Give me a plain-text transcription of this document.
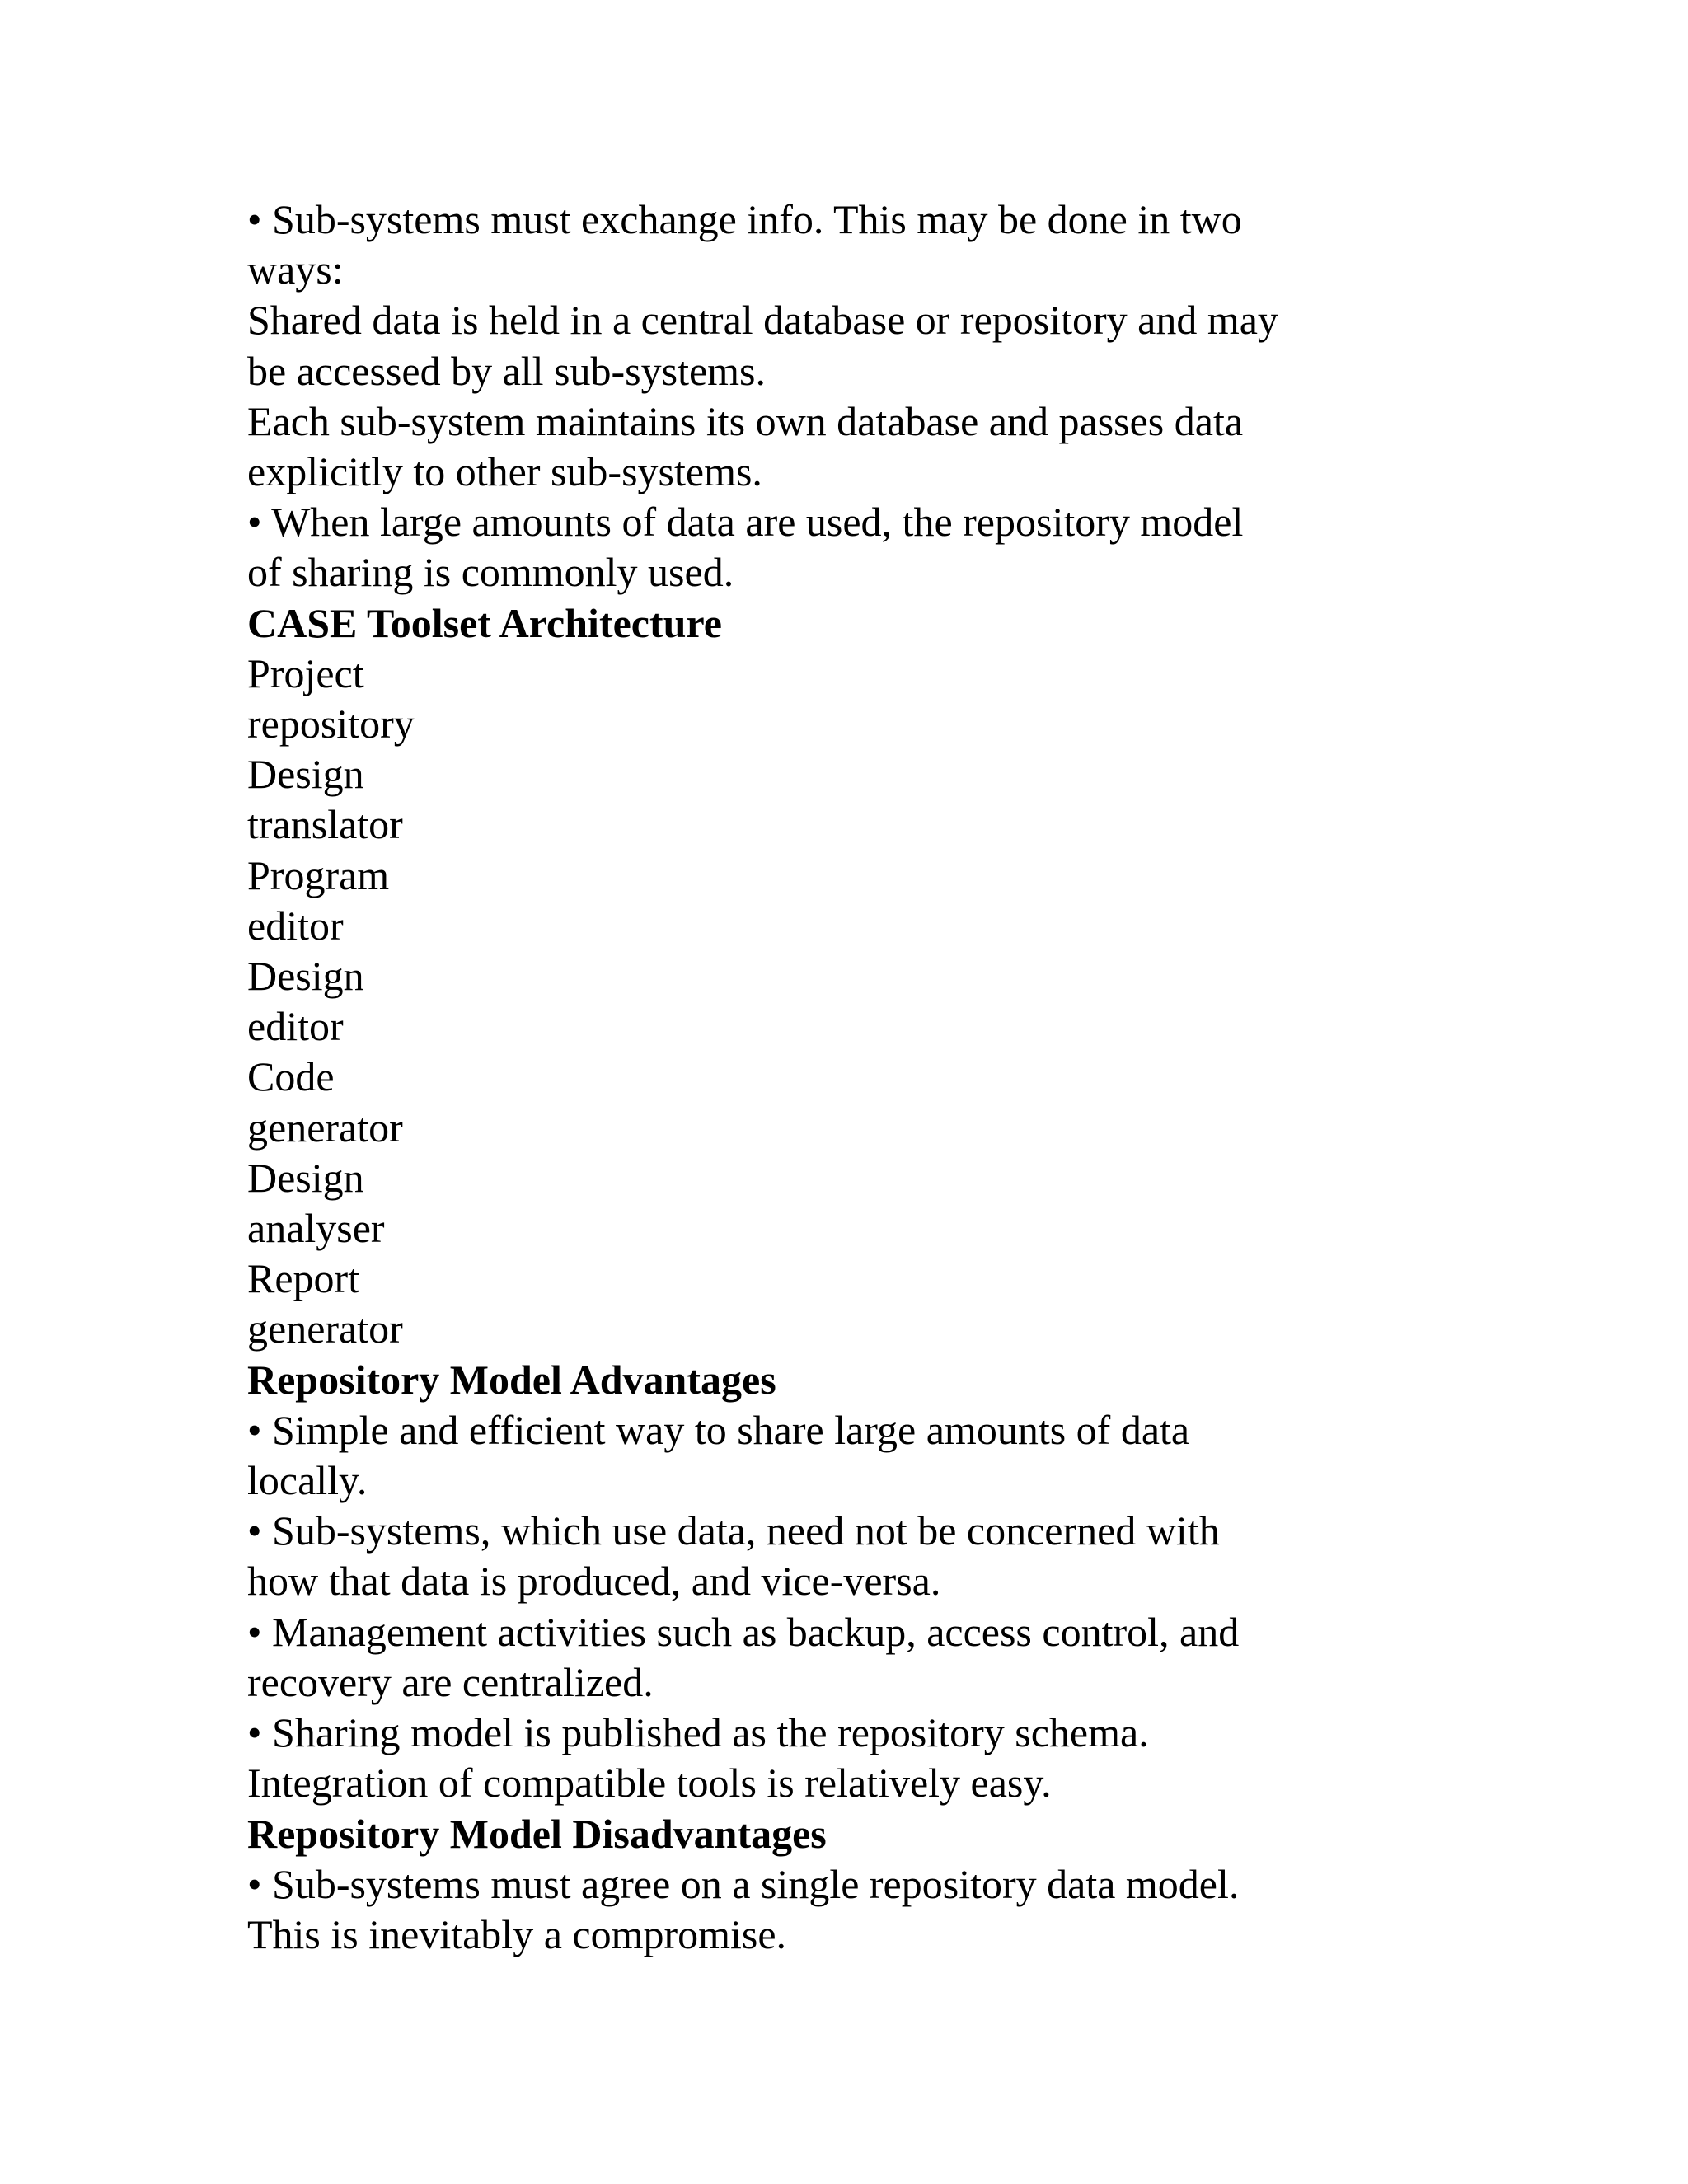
• Sub-systems must exchange info. This may be done in two

ways:

Shared data is held in a central database or repository and may

be accessed by all sub-systems.

Each sub-system maintains its own database and passes data

explicitly to other sub-systems.

• When large amounts of data are used, the repository model

of sharing is commonly used.

CASE Toolset Architecture

Project

repository

Design

translator

Program

editor

Design

editor

Code

generator

Design

analyser

Report

generator

Repository Model Advantages

• Simple and efficient way to share large amounts of data

locally.

• Sub-systems, which use data, need not be concerned with

how that data is produced, and vice-versa.

• Management activities such as backup, access control, and

recovery are centralized.

• Sharing model is published as the repository schema.

Integration of compatible tools is relatively easy.

Repository Model Disadvantages

• Sub-systems must agree on a single repository data model.

This is inevitably a compromise.
